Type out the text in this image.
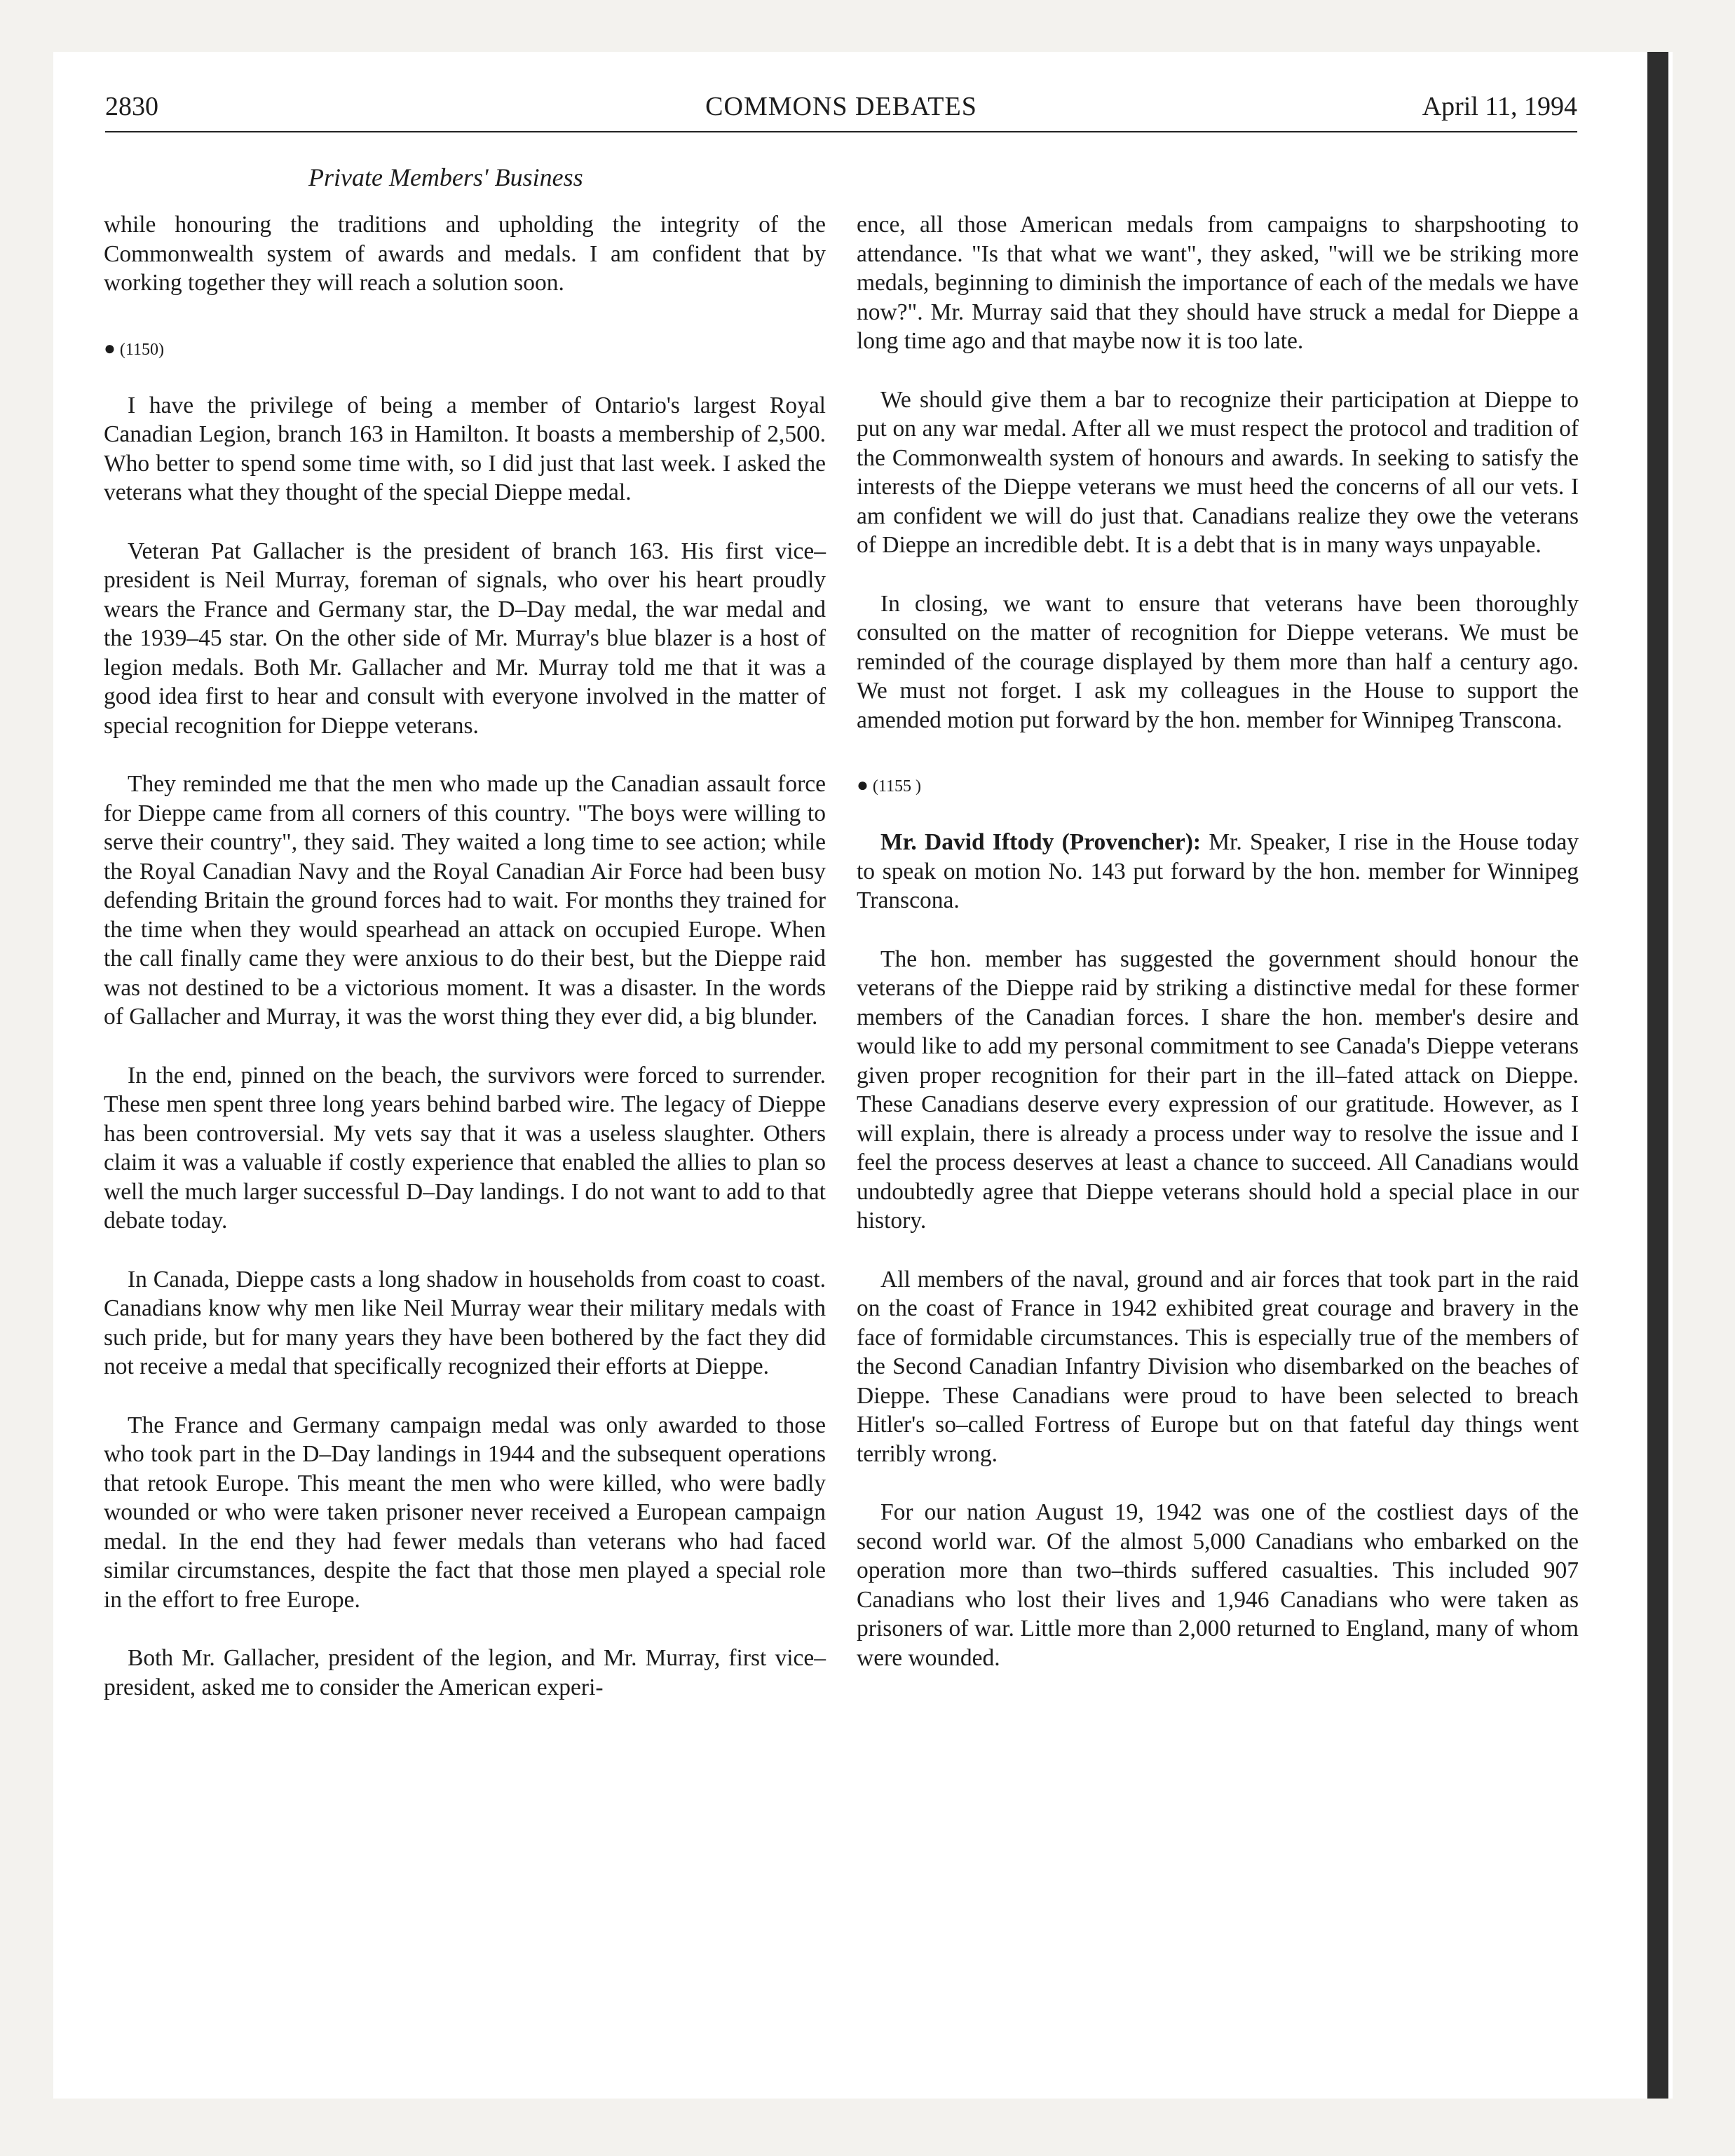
2830	COMMONS DEBATES	April 11, 1994
Private Members' Business

while honouring the traditions and upholding the integrity of the Commonwealth system of awards and medals. I am confident that by working together they will reach a solution soon.

● (1150)

I have the privilege of being a member of Ontario's largest Royal Canadian Legion, branch 163 in Hamilton. It boasts a membership of 2,500. Who better to spend some time with, so I did just that last week. I asked the veterans what they thought of the special Dieppe medal.

Veteran Pat Gallacher is the president of branch 163. His first vice–president is Neil Murray, foreman of signals, who over his heart proudly wears the France and Germany star, the D–Day medal, the war medal and the 1939–45 star. On the other side of Mr. Murray's blue blazer is a host of legion medals. Both Mr. Gallacher and Mr. Murray told me that it was a good idea first to hear and consult with everyone involved in the matter of special recognition for Dieppe veterans.

They reminded me that the men who made up the Canadian assault force for Dieppe came from all corners of this country. "The boys were willing to serve their country", they said. They waited a long time to see action; while the Royal Canadian Navy and the Royal Canadian Air Force had been busy defending Britain the ground forces had to wait. For months they trained for the time when they would spearhead an attack on occupied Europe. When the call finally came they were anxious to do their best, but the Dieppe raid was not destined to be a victorious moment. It was a disaster. In the words of Gallacher and Murray, it was the worst thing they ever did, a big blunder.

In the end, pinned on the beach, the survivors were forced to surrender. These men spent three long years behind barbed wire. The legacy of Dieppe has been controversial. My vets say that it was a useless slaughter. Others claim it was a valuable if costly experience that enabled the allies to plan so well the much larger successful D–Day landings. I do not want to add to that debate today.

In Canada, Dieppe casts a long shadow in households from coast to coast. Canadians know why men like Neil Murray wear their military medals with such pride, but for many years they have been bothered by the fact they did not receive a medal that specifically recognized their efforts at Dieppe.

The France and Germany campaign medal was only awarded to those who took part in the D–Day landings in 1944 and the subsequent operations that retook Europe. This meant the men who were killed, who were badly wounded or who were taken prisoner never received a European campaign medal. In the end they had fewer medals than veterans who had faced similar circumstances, despite the fact that those men played a special role in the effort to free Europe.

Both Mr. Gallacher, president of the legion, and Mr. Murray, first vice–president, asked me to consider the American experi-

ence, all those American medals from campaigns to sharpshooting to attendance. "Is that what we want", they asked, "will we be striking more medals, beginning to diminish the importance of each of the medals we have now?". Mr. Murray said that they should have struck a medal for Dieppe a long time ago and that maybe now it is too late.

We should give them a bar to recognize their participation at Dieppe to put on any war medal. After all we must respect the protocol and tradition of the Commonwealth system of honours and awards. In seeking to satisfy the interests of the Dieppe veterans we must heed the concerns of all our vets. I am confident we will do just that. Canadians realize they owe the veterans of Dieppe an incredible debt. It is a debt that is in many ways unpayable.

In closing, we want to ensure that veterans have been thoroughly consulted on the matter of recognition for Dieppe veterans. We must be reminded of the courage displayed by them more than half a century ago. We must not forget. I ask my colleagues in the House to support the amended motion put forward by the hon. member for Winnipeg Transcona.

● (1155 )

Mr. David Iftody (Provencher): Mr. Speaker, I rise in the House today to speak on motion No. 143 put forward by the hon. member for Winnipeg Transcona.

The hon. member has suggested the government should honour the veterans of the Dieppe raid by striking a distinctive medal for these former members of the Canadian forces. I share the hon. member's desire and would like to add my personal commitment to see Canada's Dieppe veterans given proper recognition for their part in the ill–fated attack on Dieppe. These Canadians deserve every expression of our gratitude. However, as I will explain, there is already a process under way to resolve the issue and I feel the process deserves at least a chance to succeed. All Canadians would undoubtedly agree that Dieppe veterans should hold a special place in our history.

All members of the naval, ground and air forces that took part in the raid on the coast of France in 1942 exhibited great courage and bravery in the face of formidable circumstances. This is especially true of the members of the Second Canadian Infantry Division who disembarked on the beaches of Dieppe. These Canadians were proud to have been selected to breach Hitler's so–called Fortress of Europe but on that fateful day things went terribly wrong.

For our nation August 19, 1942 was one of the costliest days of the second world war. Of the almost 5,000 Canadians who embarked on the operation more than two–thirds suffered casualties. This included 907 Canadians who lost their lives and 1,946 Canadians who were taken as prisoners of war. Little more than 2,000 returned to England, many of whom were wounded.
